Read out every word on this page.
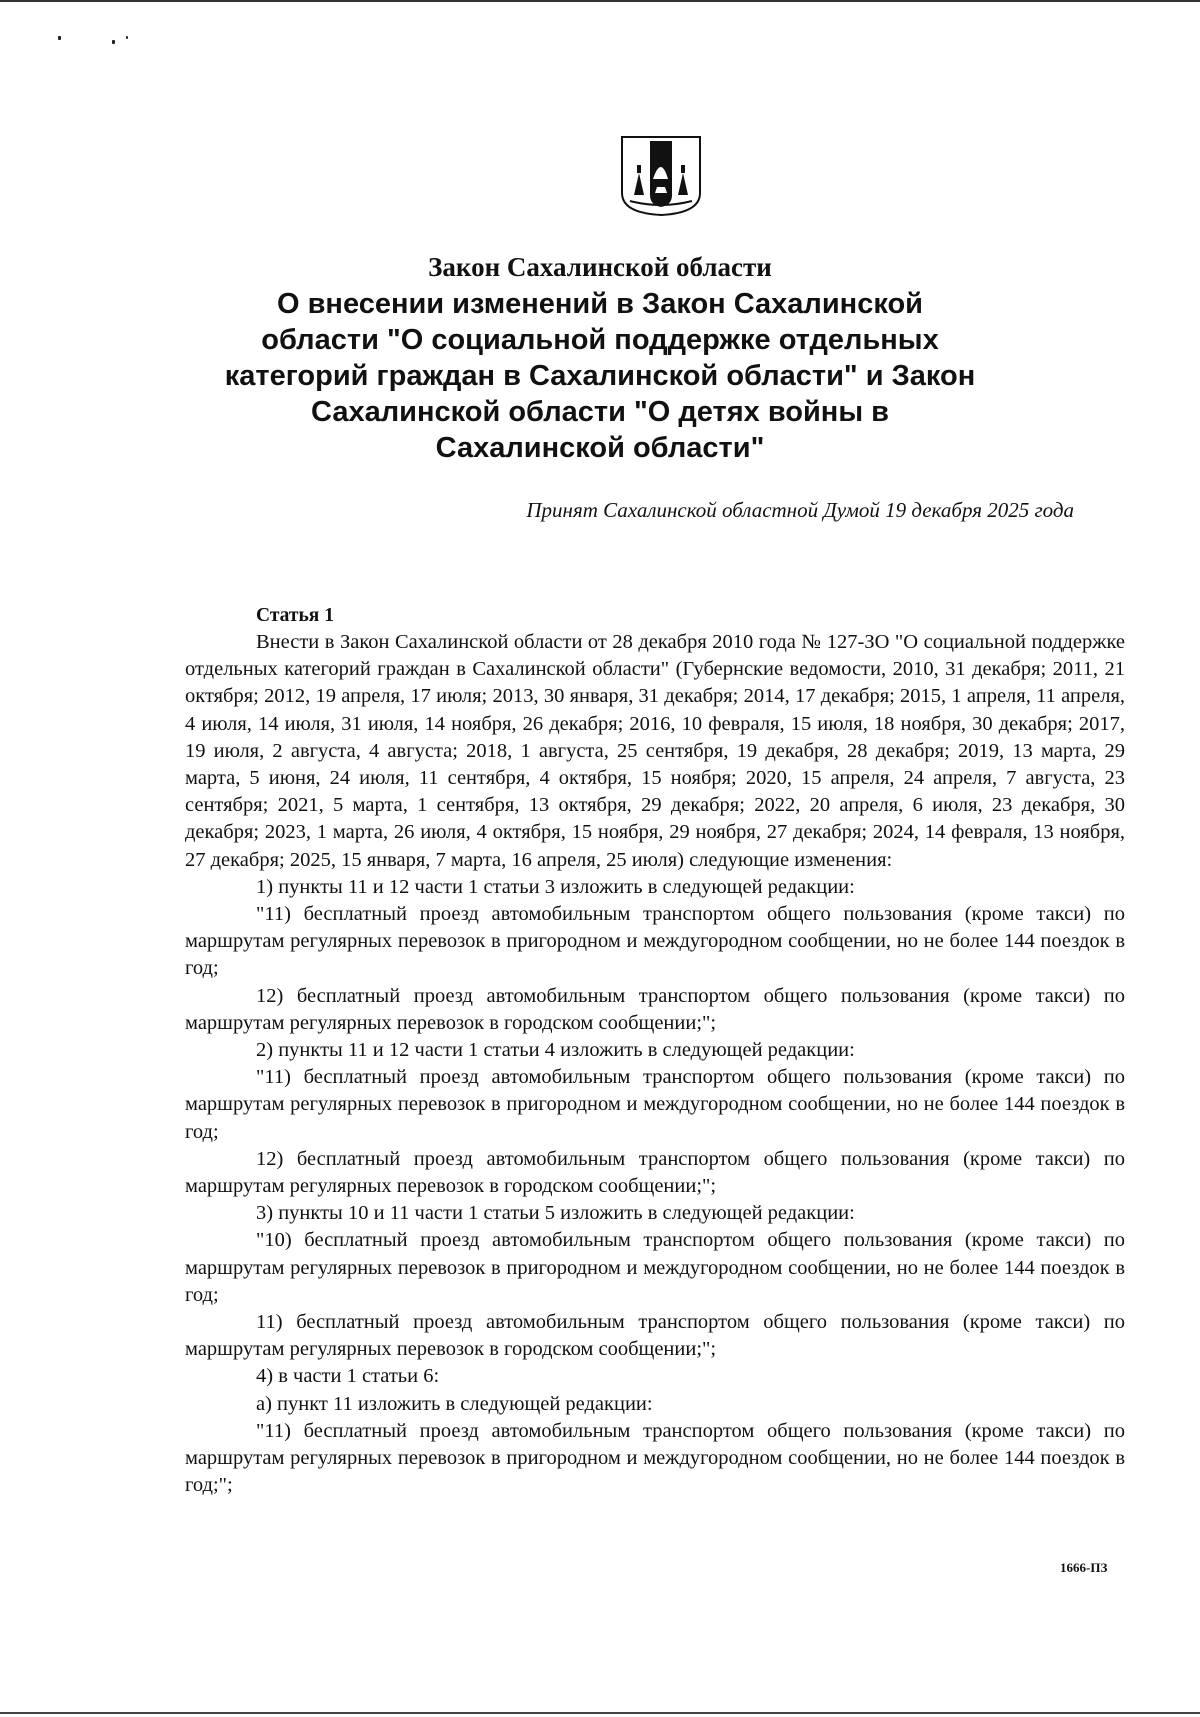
Закон Сахалинской области
О внесении изменений в Закон Сахалинской области "О социальной поддержке отдельных категорий граждан в Сахалинской области" и Закон Сахалинской области "О детях войны в Сахалинской области"
Принят Сахалинской областной Думой 19 декабря 2025 года
Статья 1

Внести в Закон Сахалинской области от 28 декабря 2010 года № 127-ЗО "О социальной поддержке отдельных категорий граждан в Сахалинской области" (Губернские ведомости, 2010, 31 декабря; 2011, 21 октября; 2012, 19 апреля, 17 июля; 2013, 30 января, 31 декабря; 2014, 17 декабря; 2015, 1 апреля, 11 апреля, 4 июля, 14 июля, 31 июля, 14 ноября, 26 декабря; 2016, 10 февраля, 15 июля, 18 ноября, 30 декабря; 2017, 19 июля, 2 августа, 4 августа; 2018, 1 августа, 25 сентября, 19 декабря, 28 декабря; 2019, 13 марта, 29 марта, 5 июня, 24 июля, 11 сентября, 4 октября, 15 ноября; 2020, 15 апреля, 24 апреля, 7 августа, 23 сентября; 2021, 5 марта, 1 сентября, 13 октября, 29 декабря; 2022, 20 апреля, 6 июля, 23 декабря, 30 декабря; 2023, 1 марта, 26 июля, 4 октября, 15 ноября, 29 ноября, 27 декабря; 2024, 14 февраля, 13 ноября, 27 декабря; 2025, 15 января, 7 марта, 16 апреля, 25 июля) следующие изменения:

1) пункты 11 и 12 части 1 статьи 3 изложить в следующей редакции:

"11) бесплатный проезд автомобильным транспортом общего пользования (кроме такси) по маршрутам регулярных перевозок в пригородном и междугородном сообщении, но не более 144 поездок в год;

12) бесплатный проезд автомобильным транспортом общего пользования (кроме такси) по маршрутам регулярных перевозок в городском сообщении;";

2) пункты 11 и 12 части 1 статьи 4 изложить в следующей редакции:

"11) бесплатный проезд автомобильным транспортом общего пользования (кроме такси) по маршрутам регулярных перевозок в пригородном и междугородном сообщении, но не более 144 поездок в год;

12) бесплатный проезд автомобильным транспортом общего пользования (кроме такси) по маршрутам регулярных перевозок в городском сообщении;";

3) пункты 10 и 11 части 1 статьи 5 изложить в следующей редакции:

"10) бесплатный проезд автомобильным транспортом общего пользования (кроме такси) по маршрутам регулярных перевозок в пригородном и междугородном сообщении, но не более 144 поездок в год;

11) бесплатный проезд автомобильным транспортом общего пользования (кроме такси) по маршрутам регулярных перевозок в городском сообщении;";

4) в части 1 статьи 6:

а) пункт 11 изложить в следующей редакции:

"11) бесплатный проезд автомобильным транспортом общего пользования (кроме такси) по маршрутам регулярных перевозок в пригородном и междугородном сообщении, но не более 144 поездок в год;";

1666-ПЗ
